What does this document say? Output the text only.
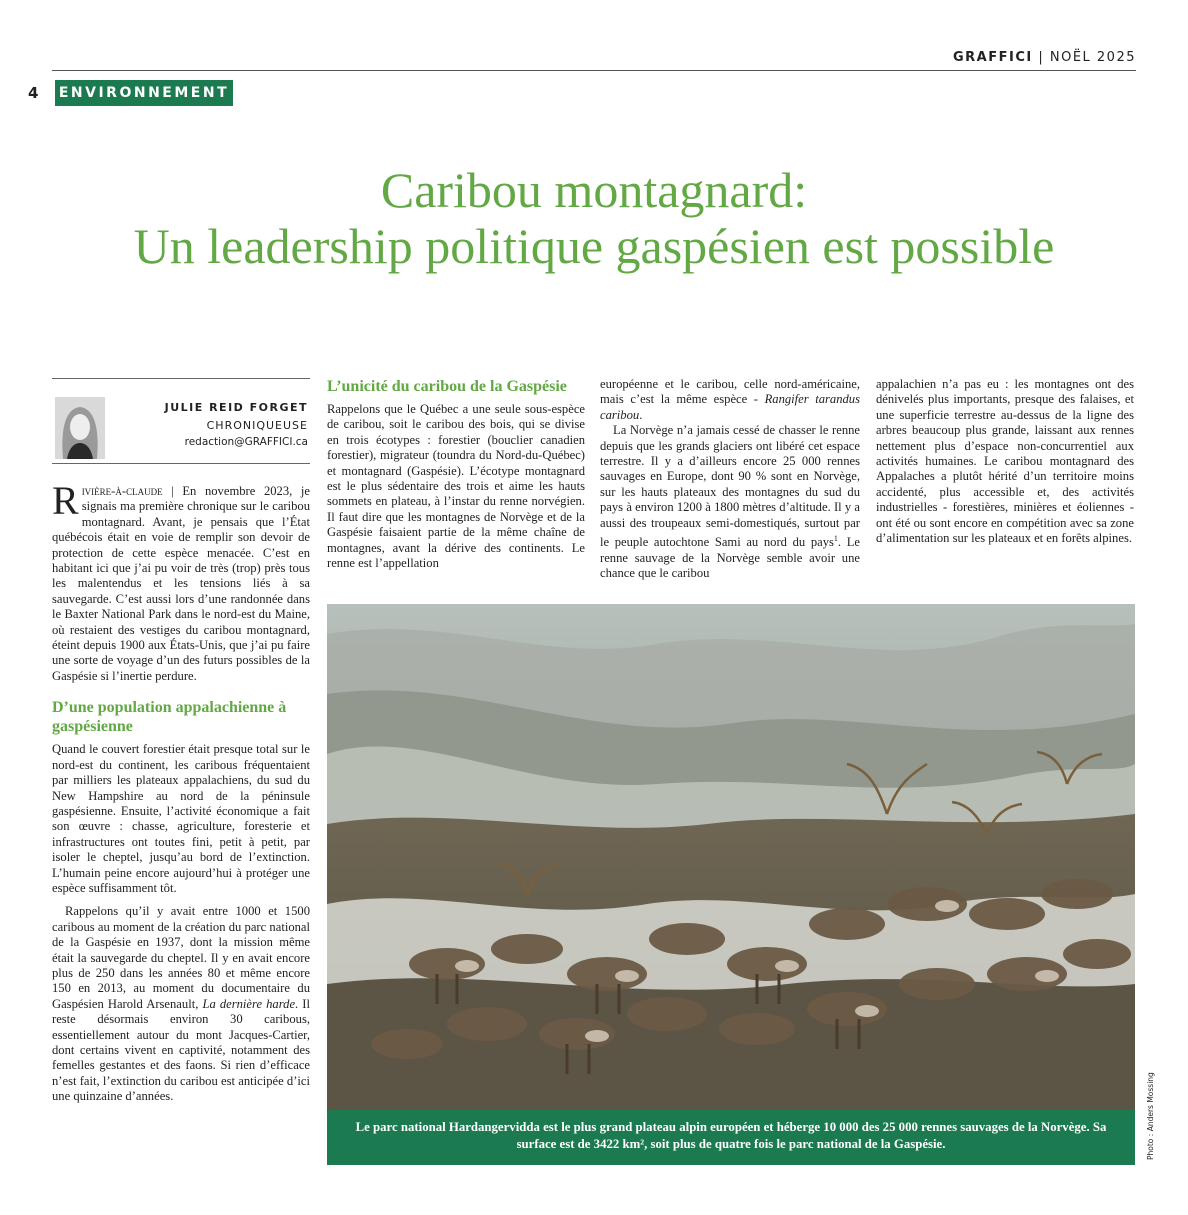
GRAFFICI | NOËL 2025
4 ENVIRONNEMENT
Caribou montagnard:
Un leadership politique gaspésien est possible
JULIE REID FORGET
CHRONIQUEUSE
redaction@GRAFFICI.ca

Rivière-à-claude | En novembre 2023, je signais ma première chronique sur le caribou montagnard. Avant, je pensais que l’État québécois était en voie de remplir son devoir de protection de cette espèce menacée. C’est en habitant ici que j’ai pu voir de très (trop) près tous les malentendus et les tensions liés à sa sauvegarde. C’est aussi lors d’une randonnée dans le Baxter National Park dans le nord-est du Maine, où restaient des vestiges du caribou montagnard, éteint depuis 1900 aux États-Unis, que j’ai pu faire une sorte de voyage d’un des futurs possibles de la Gaspésie si l’inertie perdure.

D’une population appalachienne à gaspésienne

Quand le couvert forestier était presque total sur le nord-est du continent, les caribous fréquentaient par milliers les plateaux appalachiens, du sud du New Hampshire au nord de la péninsule gaspésienne. Ensuite, l’activité économique a fait son œuvre : chasse, agriculture, foresterie et infrastructures ont toutes fini, petit à petit, par isoler le cheptel, jusqu’au bord de l’extinction. L’humain peine encore aujourd’hui à protéger une espèce suffisamment tôt.

Rappelons qu’il y avait entre 1000 et 1500 caribous au moment de la création du parc national de la Gaspésie en 1937, dont la mission même était la sauvegarde du cheptel. Il y en avait encore plus de 250 dans les années 80 et même encore 150 en 2013, au moment du documentaire du Gaspésien Harold Arsenault, La dernière harde. Il reste désormais environ 30 caribous, essentiellement autour du mont Jacques-Cartier, dont certains vivent en captivité, notamment des femelles gestantes et des faons. Si rien d’efficace n’est fait, l’extinction du caribou est anticipée d’ici une quinzaine d’années.

L’unicité du caribou de la Gaspésie

Rappelons que le Québec a une seule sous-espèce de caribou, soit le caribou des bois, qui se divise en trois écotypes : forestier (bouclier canadien forestier), migrateur (toundra du Nord-du-Québec) et montagnard (Gaspésie). L’écotype montagnard est le plus sédentaire des trois et aime les hauts sommets en plateau, à l’instar du renne norvégien. Il faut dire que les montagnes de Norvège et de la Gaspésie faisaient partie de la même chaîne de montagnes, avant la dérive des continents. Le renne est l’appellation

européenne et le caribou, celle nord-américaine, mais c’est la même espèce - Rangifer tarandus caribou.

La Norvège n’a jamais cessé de chasser le renne depuis que les grands glaciers ont libéré cet espace terrestre. Il y a d’ailleurs encore 25 000 rennes sauvages en Europe, dont 90 % sont en Norvège, sur les hauts plateaux des montagnes du sud du pays à environ 1200 à 1800 mètres d’altitude. Il y a aussi des troupeaux semi-domestiqués, surtout par le peuple autochtone Sami au nord du pays$^1$. Le renne sauvage de la Norvège semble avoir une chance que le caribou

appalachien n’a pas eu : les montagnes ont des dénivelés plus importants, presque des falaises, et une superficie terrestre au-dessus de la ligne des arbres beaucoup plus grande, laissant aux rennes nettement plus d’espace non-concurrentiel aux activités humaines. Le caribou montagnard des Appalaches a plutôt hérité d’un territoire moins accidenté, plus accessible et, des activités industrielles - forestières, minières et éoliennes - ont été ou sont encore en compétition avec sa zone d’alimentation sur les plateaux et en forêts alpines.

Le parc national Hardangervidda est le plus grand plateau alpin européen et héberge 10 000 des 25 000 rennes sauvages de la Norvège. Sa surface est de 3422 km², soit plus de quatre fois le parc national de la Gaspésie.	Photo : Anders Mossing
